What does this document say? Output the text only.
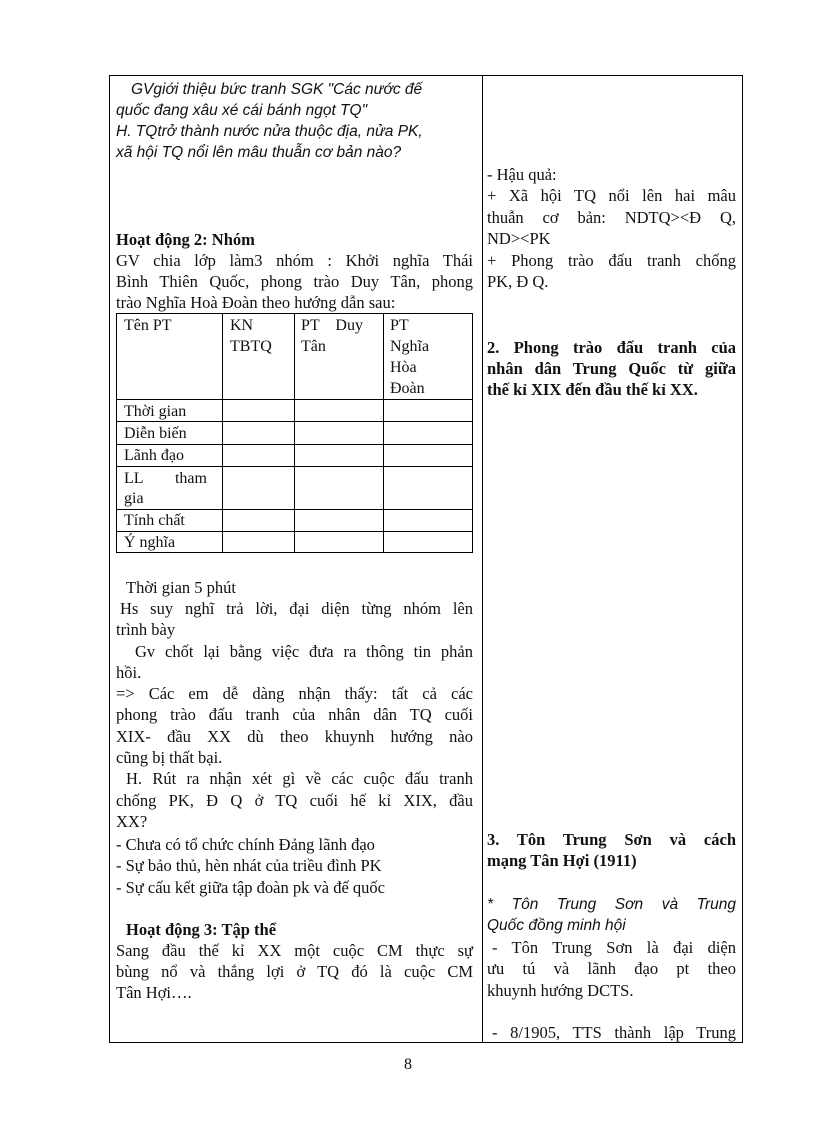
GVgiới thiệu bức tranh SGK "Các nước đế
quốc đang xâu xé cái bánh ngọt TQ"
H. TQtrở thành nước nửa thuộc địa, nửa PK,
xã hội TQ nổi lên mâu thuẫn cơ bản nào?
Hoạt động 2: Nhóm
GV chia lớp làm3 nhóm : Khởi nghĩa Thái
Bình Thiên Quốc, phong trào Duy Tân, phong
trào Nghĩa Hoà Đoàn theo hướng dẫn sau:
Tên PT	KN
TBTQ
PT    Duy
Tân
PT
Nghĩa
Hòa
Đoàn
Thời gian
Diễn biến
Lãnh đạo
LL        tham
gia
Tính chất
Ý nghĩa
Thời gian 5 phút
Hs suy nghĩ trả lời, đại diện từng nhóm lên
trình bày
Gv chốt lại bằng việc đưa ra thông tin phản
hồi.
=> Các em dễ dàng nhận thấy: tất cả các
phong trào đấu tranh của nhân dân TQ cuối
XIX- đầu XX dù theo khuynh hướng nào
cũng bị thất bại.
H. Rút ra nhận xét gì về các cuộc đấu tranh
chống PK, Đ Q ở TQ cuối hế kỉ XIX, đầu
XX?
- Chưa có tổ chức chính Đảng lãnh đạo
- Sự bảo thủ, hèn nhát của triều đình PK
- Sự cấu kết giữa tập đoàn pk và đế quốc
Hoạt động 3: Tập thể
Sang đầu thế kỉ XX một cuộc CM thực sự
bùng nổ và thắng lợi ở TQ đó là cuộc CM
Tân Hợi….
- Hậu quả:
+ Xã hội TQ nổi lên hai mâu
thuẫn cơ bản: NDTQ><Đ Q,
ND><PK
+ Phong trào đấu tranh chống
PK, Đ Q.
2. Phong trào đấu tranh của
nhân dân Trung Quốc từ giữa
thế kỉ XIX đến đầu thế kỉ XX.
3. Tôn Trung Sơn và cách
mạng Tân Hợi (1911)
* Tôn Trung Sơn và Trung
Quốc đồng minh hội
- Tôn Trung Sơn là đại diện
ưu tú và lãnh đạo pt theo
khuynh hướng DCTS.
- 8/1905, TTS thành lập Trung
8
